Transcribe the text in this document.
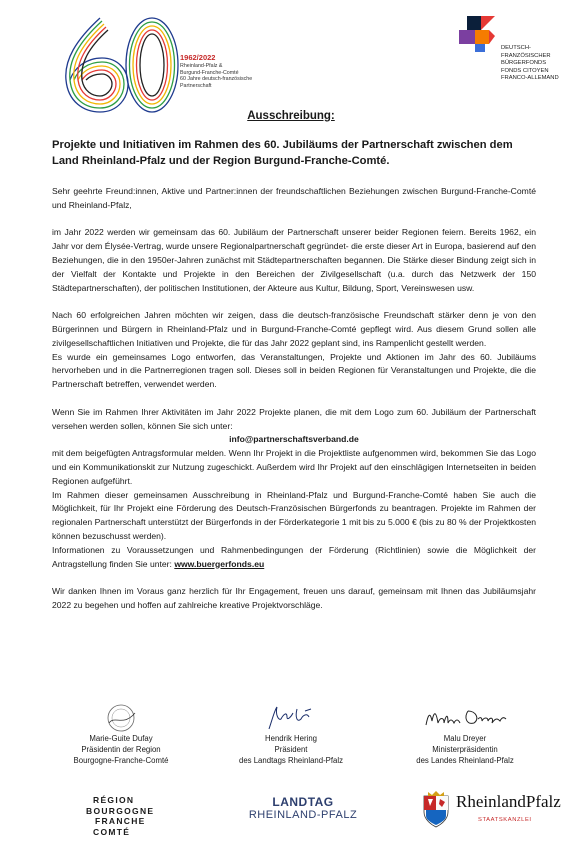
1962/2022
Rheinland-Pfalz &
Burgund-Franche-Comté
60 Jahre deutsch-französische
Partnerschaft
DEUTSCH-
FRANZÖSISCHER
BÜRGERFONDS
FONDS CITOYEN
FRANCO-ALLEMAND
Ausschreibung:
Projekte und Initiativen im Rahmen des 60. Jubiläums der Partnerschaft zwischen dem Land Rheinland-Pfalz und der Region Burgund-Franche-Comté.

Sehr geehrte Freund:innen, Aktive und Partner:innen der freundschaftlichen Beziehungen zwischen Burgund-Franche-Comté und Rheinland-Pfalz,

im Jahr 2022 werden wir gemeinsam das 60. Jubiläum der Partnerschaft unserer beider Regionen feiern. Bereits 1962, ein Jahr vor dem Élysée-Vertrag, wurde unsere Regionalpartnerschaft gegründet- die erste dieser Art in Europa, basierend auf den Beziehungen, die in den 1950er-Jahren zunächst mit Städtepartnerschaften begannen. Die Stärke dieser Bindung zeigt sich in der Vielfalt der Kontakte und Projekte in den Bereichen der Zivilgesellschaft (u.a. durch das Netzwerk der 150 Städtepartnerschaften), der politischen Institutionen, der Akteure aus Kultur, Bildung, Sport, Vereinswesen usw.

Nach 60 erfolgreichen Jahren möchten wir zeigen, dass die deutsch-französische Freundschaft stärker denn je von den Bürgerinnen und Bürgern in Rheinland-Pfalz und in Burgund-Franche-Comté gepflegt wird. Aus diesem Grund sollen alle zivilgesellschaftlichen Initiativen und Projekte, die für das Jahr 2022 geplant sind, ins Rampenlicht gestellt werden.

Es wurde ein gemeinsames Logo entworfen, das Veranstaltungen, Projekte und Aktionen im Jahr des 60. Jubiläums hervorheben und in die Partnerregionen tragen soll. Dieses soll in beiden Regionen für Veranstaltungen und Projekte, die die Partnerschaft betreffen, verwendet werden.

Wenn Sie im Rahmen Ihrer Aktivitäten im Jahr 2022 Projekte planen, die mit dem Logo zum 60. Jubiläum der Partnerschaft versehen werden sollen, können Sie sich unter:

info@partnerschaftsverband.de

mit dem beigefügten Antragsformular melden. Wenn Ihr Projekt in die Projektliste aufgenommen wird, bekommen Sie das Logo und ein Kommunikationskit zur Nutzung zugeschickt. Außerdem wird Ihr Projekt auf den einschlägigen Internetseiten in beiden Regionen aufgeführt.

Im Rahmen dieser gemeinsamen Ausschreibung in Rheinland-Pfalz und Burgund-Franche-Comté haben Sie auch die Möglichkeit, für Ihr Projekt eine Förderung des Deutsch-Französischen Bürgerfonds zu beantragen. Projekte im Rahmen der regionalen Partnerschaft unterstützt der Bürgerfonds in der Förderkategorie 1 mit bis zu 5.000 € (bis zu 80 % der Projektkosten können bezuschusst werden).

Informationen zu Voraussetzungen und Rahmenbedingungen der Förderung (Richtlinien) sowie die Möglichkeit der Antragstellung finden Sie unter: www.buergerfonds.eu

Wir danken Ihnen im Voraus ganz herzlich für Ihr Engagement, freuen uns darauf, gemeinsam mit Ihnen das Jubiläumsjahr 2022 zu begehen und hoffen auf zahlreiche kreative Projektvorschläge.

Marie-Guite Dufay
Präsidentin der Region
Bourgogne-Franche-Comté
Hendrik Hering
Präsident
des Landtags Rheinland-Pfalz
Malu Dreyer
Ministerpräsidentin
des Landes Rheinland-Pfalz
RÉGION
BOURGOGNE
FRANCHE
COMTÉ
LANDTAG
RHEINLAND-PFALZ
RheinlandPfalz
STAATSKANZLEI
